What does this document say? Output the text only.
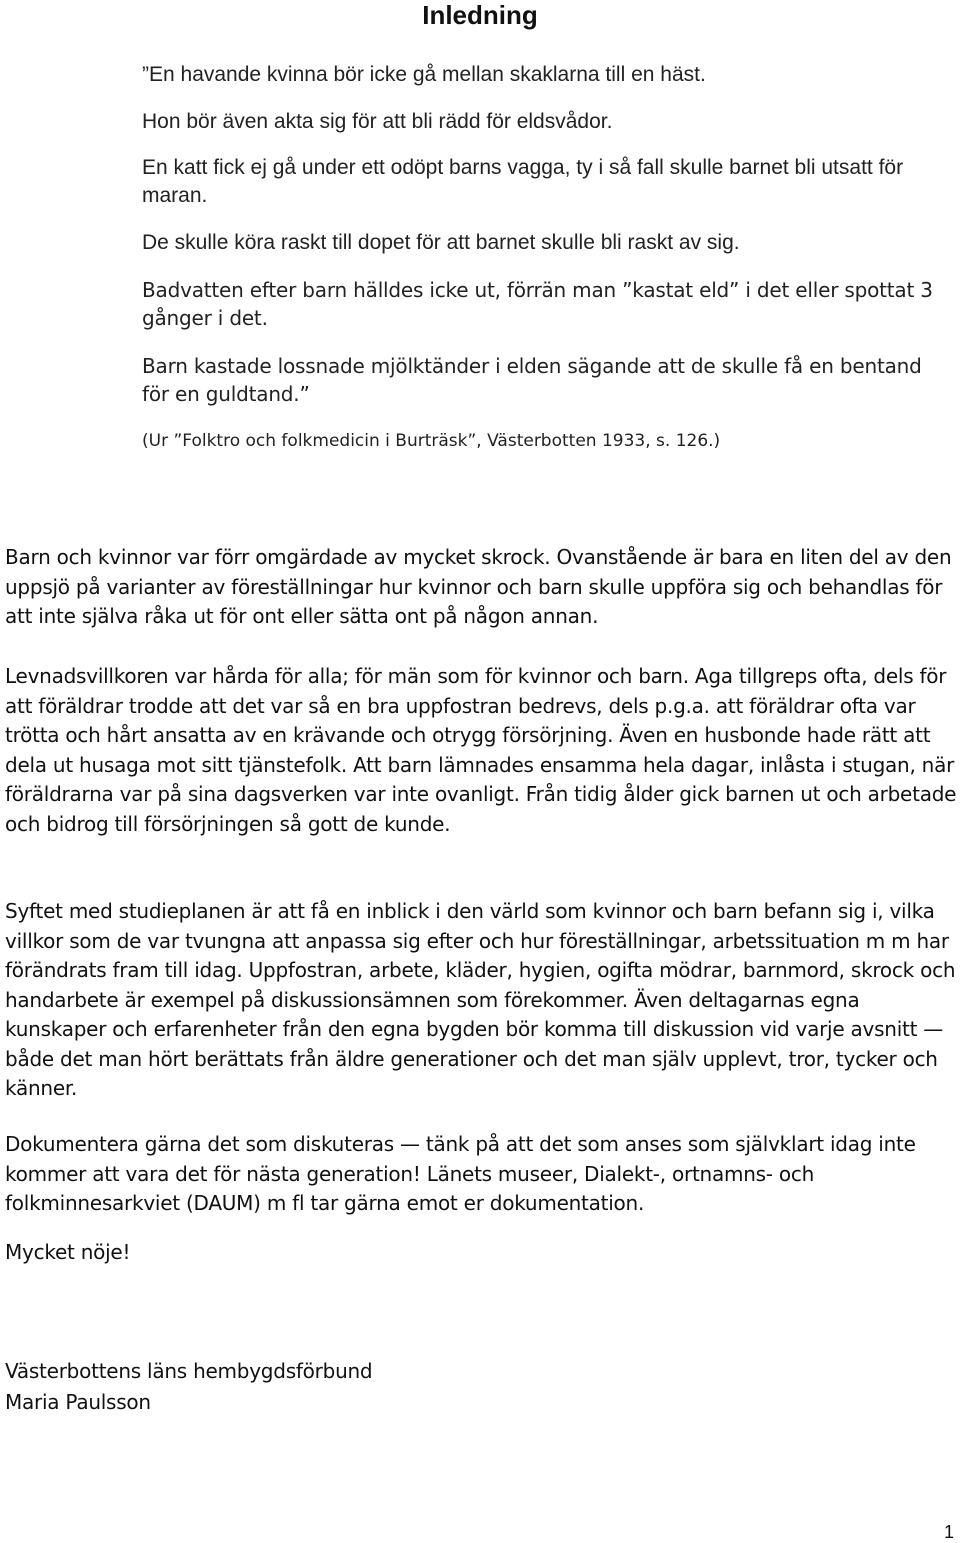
Inledning

”En havande kvinna bör icke gå mellan skaklarna till en häst.

Hon bör även akta sig för att bli rädd för eldsvådor.

En katt fick ej gå under ett odöpt barns vagga, ty i så fall skulle barnet bli utsatt för maran.

De skulle köra raskt till dopet för att barnet skulle bli raskt av sig.

Badvatten efter barn hälldes icke ut, förrän man ”kastat eld” i det eller spottat 3 gånger i det.

Barn kastade lossnade mjölktänder i elden sägande att de skulle få en bentand för en guldtand.”

(Ur ”Folktro och folkmedicin i Burträsk”, Västerbotten 1933, s. 126.)

Barn och kvinnor var förr omgärdade av mycket skrock. Ovanstående är bara en liten del av den uppsjö på varianter av föreställningar hur kvinnor och barn skulle uppföra sig och behandlas för att inte själva råka ut för ont eller sätta ont på någon annan.

Levnadsvillkoren var hårda för alla; för män som för kvinnor och barn. Aga tillgreps ofta, dels för att föräldrar trodde att det var så en bra uppfostran bedrevs, dels p.g.a. att föräldrar ofta var trötta och hårt ansatta av en krävande och otrygg försörjning. Även en husbonde hade rätt att dela ut husaga mot sitt tjänstefolk. Att barn lämnades ensamma hela dagar, inlåsta i stugan, när föräldrarna var på sina dagsverken var inte ovanligt. Från tidig ålder gick barnen ut och arbetade och bidrog till försörjningen så gott de kunde.

Syftet med studieplanen är att få en inblick i den värld som kvinnor och barn befann sig i, vilka villkor som de var tvungna att anpassa sig efter och hur föreställningar, arbetssituation m m har förändrats fram till idag. Uppfostran, arbete, kläder, hygien, ogifta mödrar, barnmord, skrock och handarbete är exempel på diskussionsämnen som förekommer. Även deltagarnas egna kunskaper och erfarenheter från den egna bygden bör komma till diskussion vid varje avsnitt — både det man hört berättats från äldre generationer och det man själv upplevt, tror, tycker och känner.

Dokumentera gärna det som diskuteras — tänk på att det som anses som självklart idag inte kommer att vara det för nästa generation! Länets museer, Dialekt-, ortnamns- och folkminnesarkviet (DAUM) m fl tar gärna emot er dokumentation.

Mycket nöje!

Västerbottens läns hembygdsförbund

Maria Paulsson

1
